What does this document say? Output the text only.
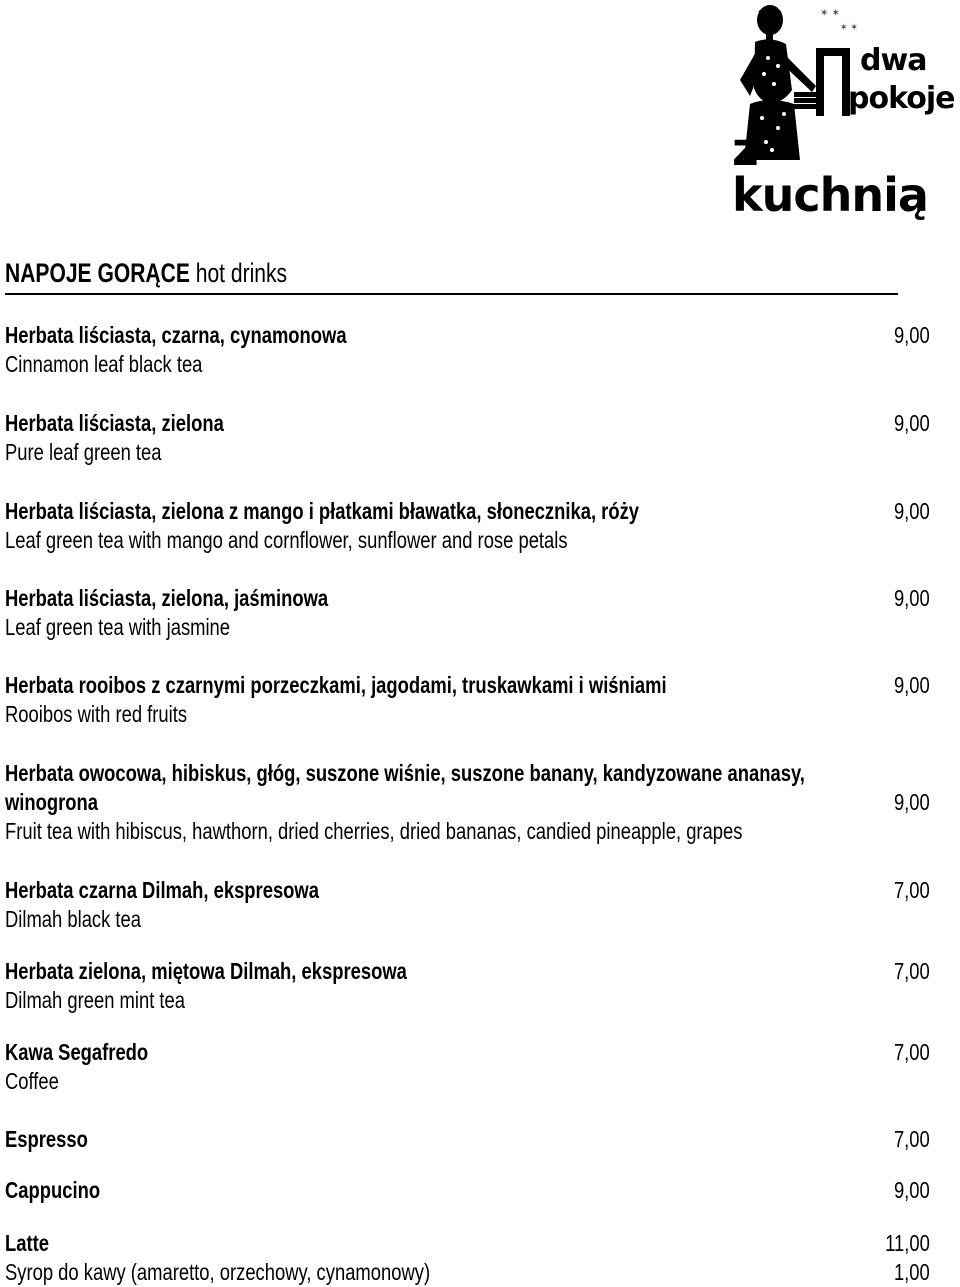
✶ ✶
✶ ✶
dwa
pokoje
z kuchnią
NAPOJE GORĄCE hot drinks
Herbata liściasta, czarna, cynamonowa	9,00
Cinnamon leaf black tea
Herbata liściasta, zielona	9,00
Pure leaf green tea
Herbata liściasta, zielona z mango i płatkami bławatka, słonecznika, róży	9,00
Leaf green tea with mango and cornflower, sunflower and rose petals
Herbata liściasta, zielona, jaśminowa	9,00
Leaf green tea with jasmine
Herbata rooibos z czarnymi porzeczkami, jagodami, truskawkami i wiśniami	9,00
Rooibos with red fruits
Herbata owocowa, hibiskus, głóg, suszone wiśnie, suszone banany, kandyzowane ananasy,
winogrona	9,00
Fruit tea with hibiscus, hawthorn, dried cherries, dried bananas, candied pineapple, grapes
Herbata czarna Dilmah, ekspresowa	7,00
Dilmah black tea
Herbata zielona, miętowa Dilmah, ekspresowa	7,00
Dilmah green mint tea
Kawa Segafredo	7,00
Coffee
Espresso	7,00
Cappucino	9,00
Latte	11,00
Syrop do kawy (amaretto, orzechowy, cynamonowy)	1,00
